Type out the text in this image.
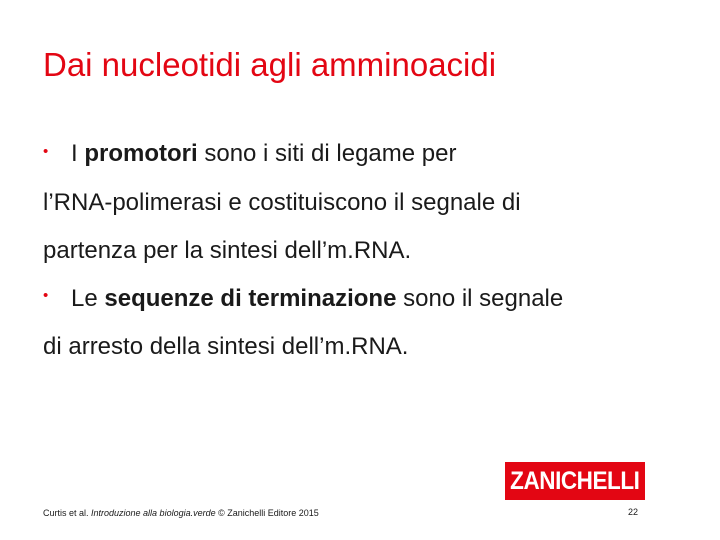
Dai nucleotidi agli amminoacidi
• I promotori sono i siti di legame per
l’RNA-polimerasi e costituiscono il segnale di
partenza per la sintesi dell’m.RNA.
• Le sequenze di terminazione sono il segnale
di arresto della sintesi dell’m.RNA.
ZANICHELLI
Curtis et al. Introduzione alla biologia.verde © Zanichelli Editore 2015	22
